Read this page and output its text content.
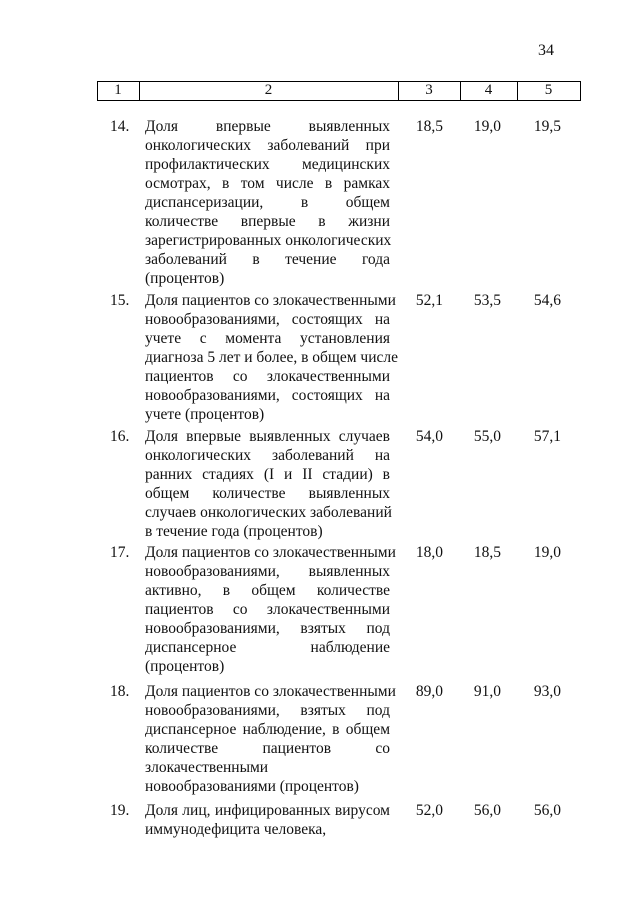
34
1	2	3	4	5
14. Доля впервые выявленных
онкологических заболеваний при
профилактических медицинских
осмотрах, в том числе в рамках
диспансеризации, в общем
количестве впервые в жизни
зарегистрированных онкологических
заболеваний в течение года
(процентов)
18,5	19,0	19,5
15. Доля пациентов со злокачественными
новообразованиями, состоящих на
учете с момента установления
диагноза 5 лет и более, в общем числе
пациентов со злокачественными
новообразованиями, состоящих на
учете (процентов)
52,1	53,5	54,6
16. Доля впервые выявленных случаев
онкологических заболеваний на
ранних стадиях (I и II стадии) в
общем количестве выявленных
случаев онкологических заболеваний
в течение года (процентов)
54,0	55,0	57,1
17. Доля пациентов со злокачественными
новообразованиями, выявленных
активно, в общем количестве
пациентов со злокачественными
новообразованиями, взятых под
диспансерное наблюдение
(процентов)
18,0	18,5	19,0
18. Доля пациентов со злокачественными
новообразованиями, взятых под
диспансерное наблюдение, в общем
количестве пациентов со
злокачественными
новообразованиями (процентов)
89,0	91,0	93,0
19. Доля лиц, инфицированных вирусом
иммунодефицита человека,
52,0	56,0	56,0
